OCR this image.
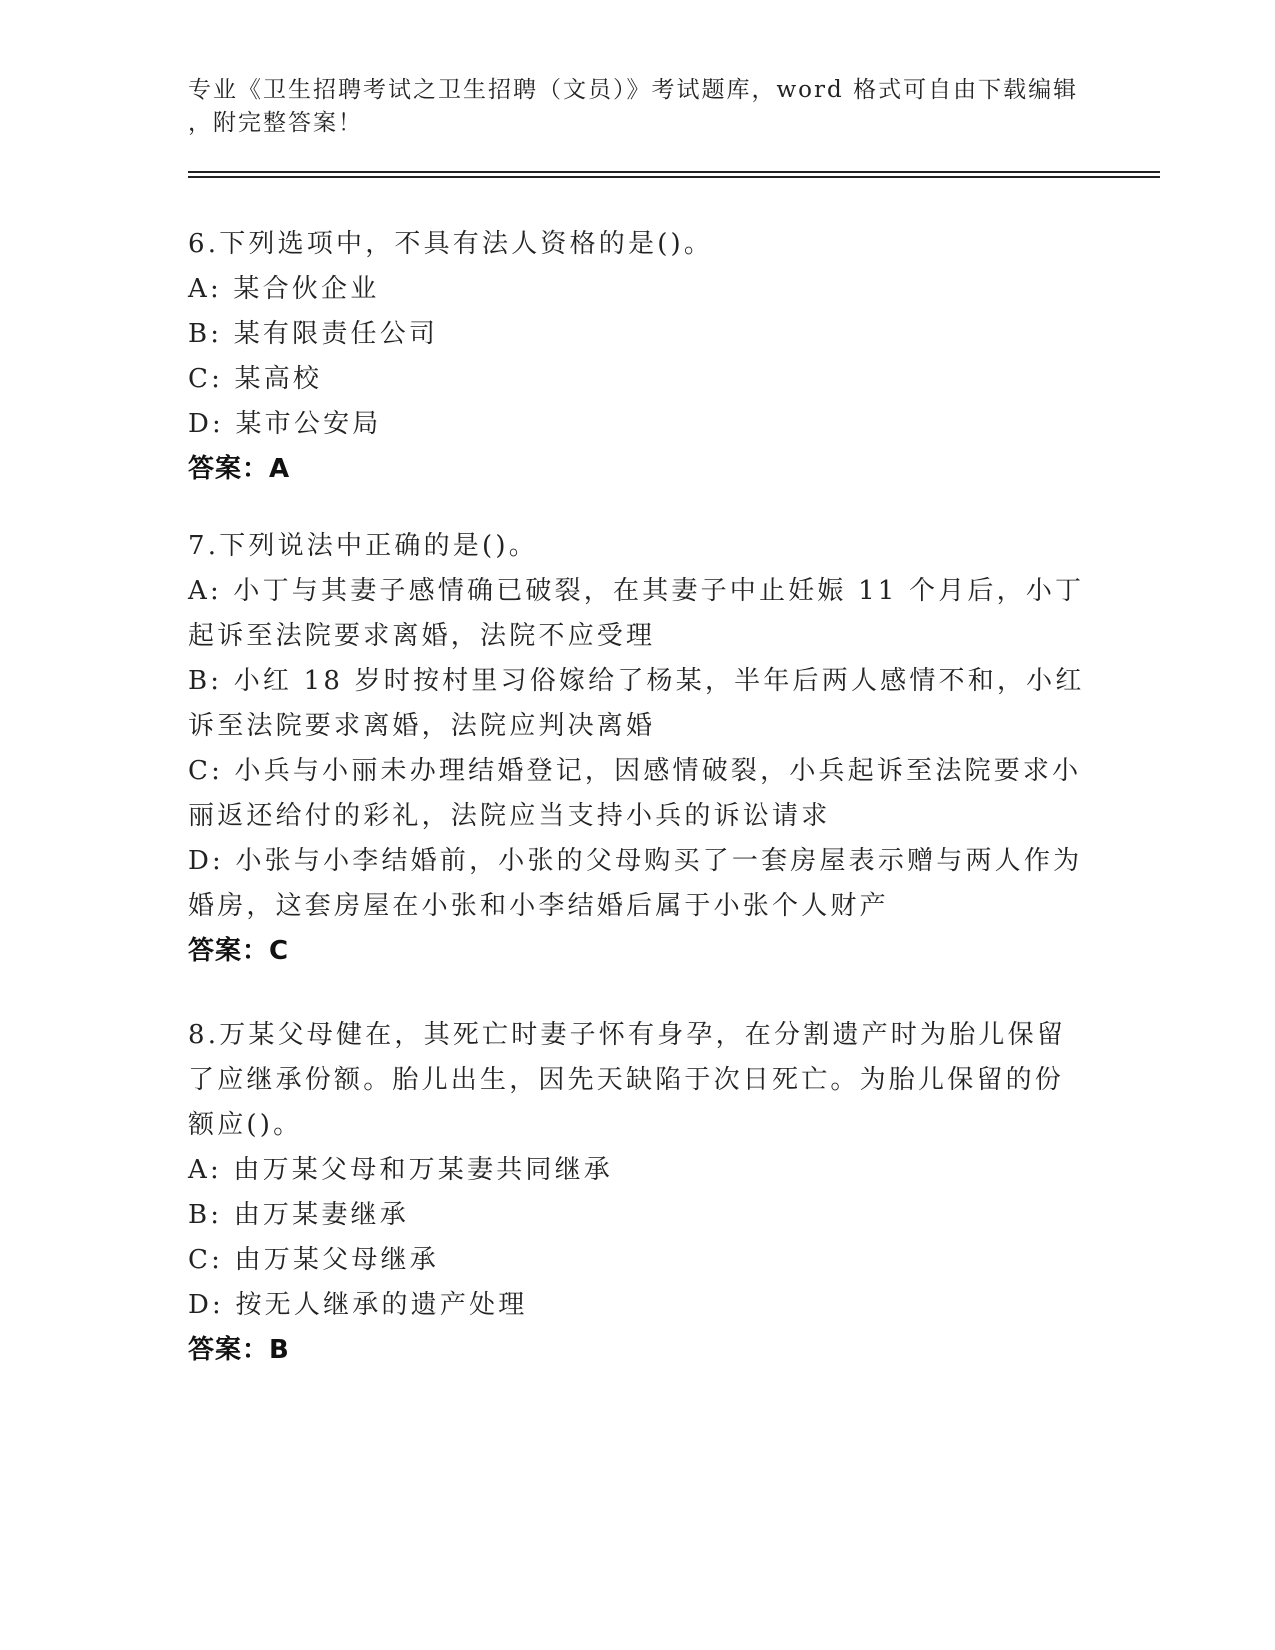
专业《卫生招聘考试之卫生招聘（文员）》考试题库，word 格式可自由下载编辑
，附完整答案！
6.下列选项中，不具有法人资格的是()。
A: 某合伙企业
B: 某有限责任公司
C: 某高校
D: 某市公安局
答案：A
7.下列说法中正确的是()。
A: 小丁与其妻子感情确已破裂，在其妻子中止妊娠 11 个月后，小丁
起诉至法院要求离婚，法院不应受理
B: 小红 18 岁时按村里习俗嫁给了杨某，半年后两人感情不和，小红
诉至法院要求离婚，法院应判决离婚
C: 小兵与小丽未办理结婚登记，因感情破裂，小兵起诉至法院要求小
丽返还给付的彩礼，法院应当支持小兵的诉讼请求
D: 小张与小李结婚前，小张的父母购买了一套房屋表示赠与两人作为
婚房，这套房屋在小张和小李结婚后属于小张个人财产
答案：C
8.万某父母健在，其死亡时妻子怀有身孕，在分割遗产时为胎儿保留
了应继承份额。胎儿出生，因先天缺陷于次日死亡。为胎儿保留的份
额应()。
A: 由万某父母和万某妻共同继承
B: 由万某妻继承
C: 由万某父母继承
D: 按无人继承的遗产处理
答案：B
